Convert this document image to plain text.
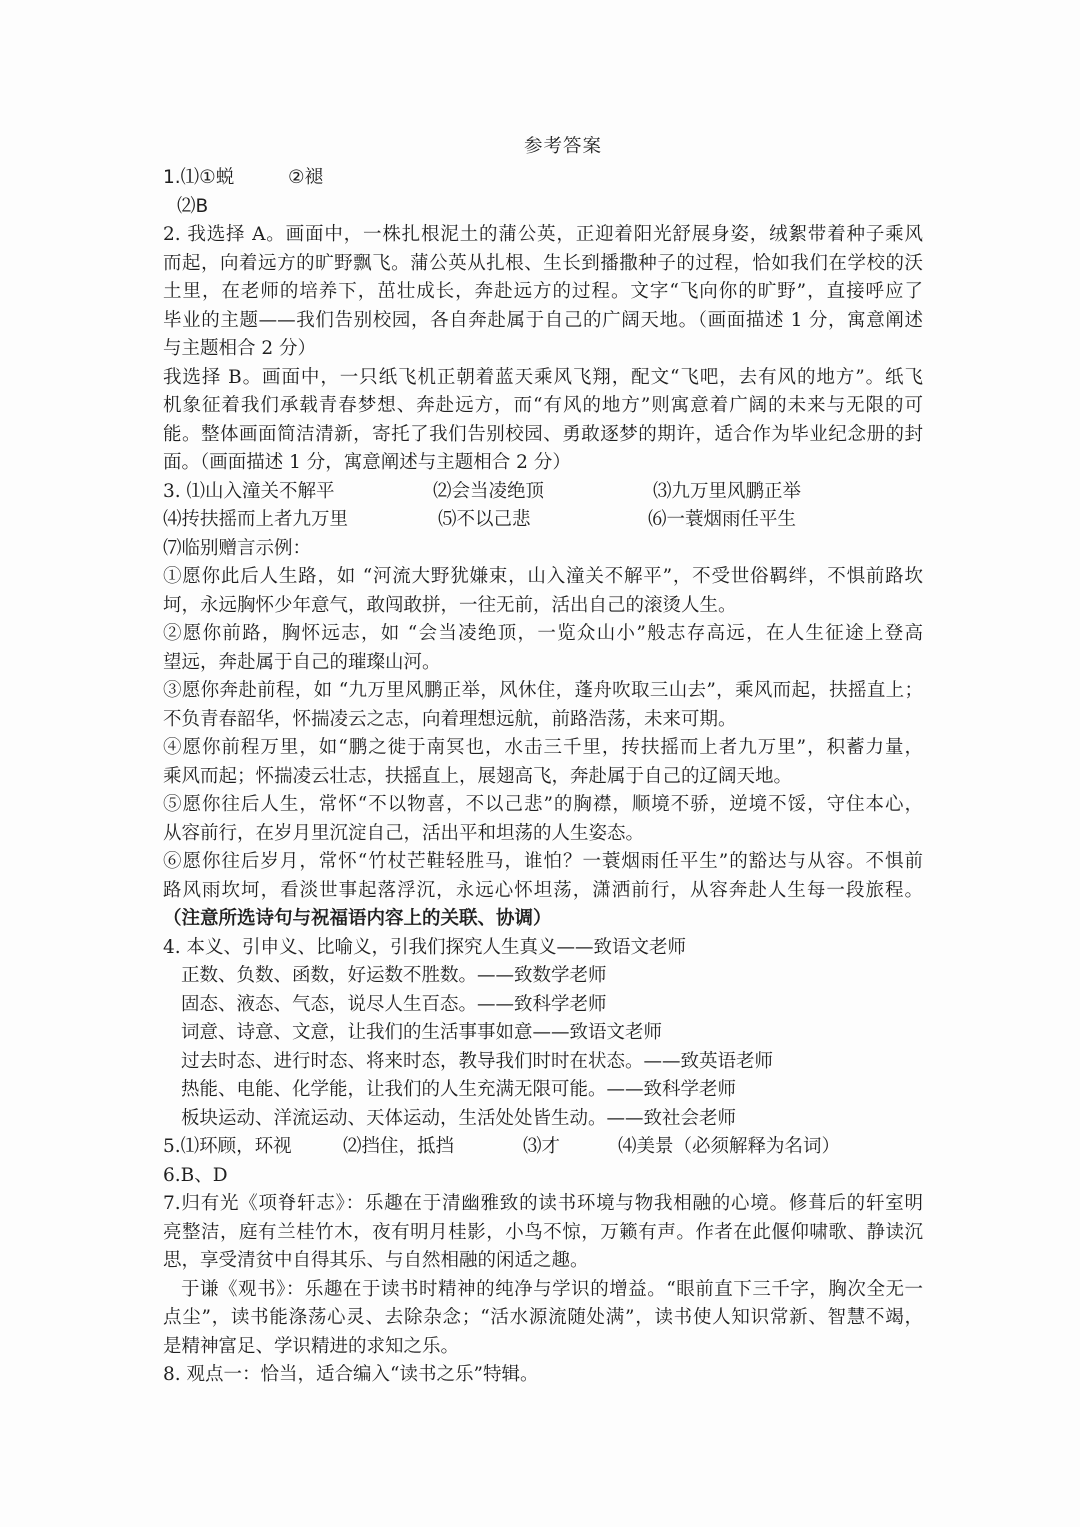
参考答案
1.⑴①蜕	②褪
⑵B
2. 我选择 A。画面中，一株扎根泥土的蒲公英，正迎着阳光舒展身姿，绒絮带着种子乘风
而起，向着远方的旷野飘飞。蒲公英从扎根、生长到播撒种子的过程，恰如我们在学校的沃
土里，在老师的培养下，茁壮成长，奔赴远方的过程。文字“飞向你的旷野”，直接呼应了
毕业的主题——我们告别校园，各自奔赴属于自己的广阔天地。（画面描述 1 分，寓意阐述
与主题相合 2 分）
我选择 B。画面中，一只纸飞机正朝着蓝天乘风飞翔，配文“飞吧，去有风的地方”。纸飞
机象征着我们承载青春梦想、奔赴远方，而“有风的地方”则寓意着广阔的未来与无限的可
能。整体画面简洁清新，寄托了我们告别校园、勇敢逐梦的期许，适合作为毕业纪念册的封
面。（画面描述 1 分，寓意阐述与主题相合 2 分）
3. ⑴山入潼关不解平	⑵会当凌绝顶	⑶九万里风鹏正举
⑷抟扶摇而上者九万里	⑸不以己悲	⑹一蓑烟雨任平生
⑺临别赠言示例：
①愿你此后人生路，如 “河流大野犹嫌束，山入潼关不解平”，不受世俗羁绊，不惧前路坎
坷，永远胸怀少年意气，敢闯敢拼，一往无前，活出自己的滚烫人生。
②愿你前路，胸怀远志，如 “会当凌绝顶，一览众山小”般志存高远，在人生征途上登高
望远，奔赴属于自己的璀璨山河。
③愿你奔赴前程，如 “九万里风鹏正举，风休住，蓬舟吹取三山去”，乘风而起，扶摇直上；
不负青春韶华，怀揣凌云之志，向着理想远航，前路浩荡，未来可期。
④愿你前程万里，如“鹏之徙于南冥也，水击三千里，抟扶摇而上者九万里”，积蓄力量，
乘风而起；怀揣凌云壮志，扶摇直上，展翅高飞，奔赴属于自己的辽阔天地。
⑤愿你往后人生，常怀“不以物喜，不以己悲”的胸襟，顺境不骄，逆境不馁，守住本心，
从容前行，在岁月里沉淀自己，活出平和坦荡的人生姿态。
⑥愿你往后岁月，常怀“竹杖芒鞋轻胜马，谁怕？一蓑烟雨任平生”的豁达与从容。不惧前
路风雨坎坷，看淡世事起落浮沉，永远心怀坦荡，潇洒前行，从容奔赴人生每一段旅程。
（注意所选诗句与祝福语内容上的关联、协调）
4. 本义、引申义、比喻义，引我们探究人生真义——致语文老师
正数、负数、函数，好运数不胜数。——致数学老师
固态、液态、气态，说尽人生百态。——致科学老师
词意、诗意、文意，让我们的生活事事如意——致语文老师
过去时态、进行时态、将来时态，教导我们时时在状态。——致英语老师
热能、电能、化学能，让我们的人生充满无限可能。——致科学老师
板块运动、洋流运动、天体运动，生活处处皆生动。——致社会老师
5.⑴环顾，环视	⑵挡住，抵挡	⑶才	⑷美景（必须解释为名词）
6.B、D
7.归有光《项脊轩志》：乐趣在于清幽雅致的读书环境与物我相融的心境。修葺后的轩室明
亮整洁，庭有兰桂竹木，夜有明月桂影，小鸟不惊，万籁有声。作者在此偃仰啸歌、静读沉
思，享受清贫中自得其乐、与自然相融的闲适之趣。
于谦《观书》：乐趣在于读书时精神的纯净与学识的增益。“眼前直下三千字，胸次全无一
点尘”，读书能涤荡心灵、去除杂念；“活水源流随处满”，读书使人知识常新、智慧不竭，
是精神富足、学识精进的求知之乐。
8. 观点一：恰当，适合编入“读书之乐”特辑。
